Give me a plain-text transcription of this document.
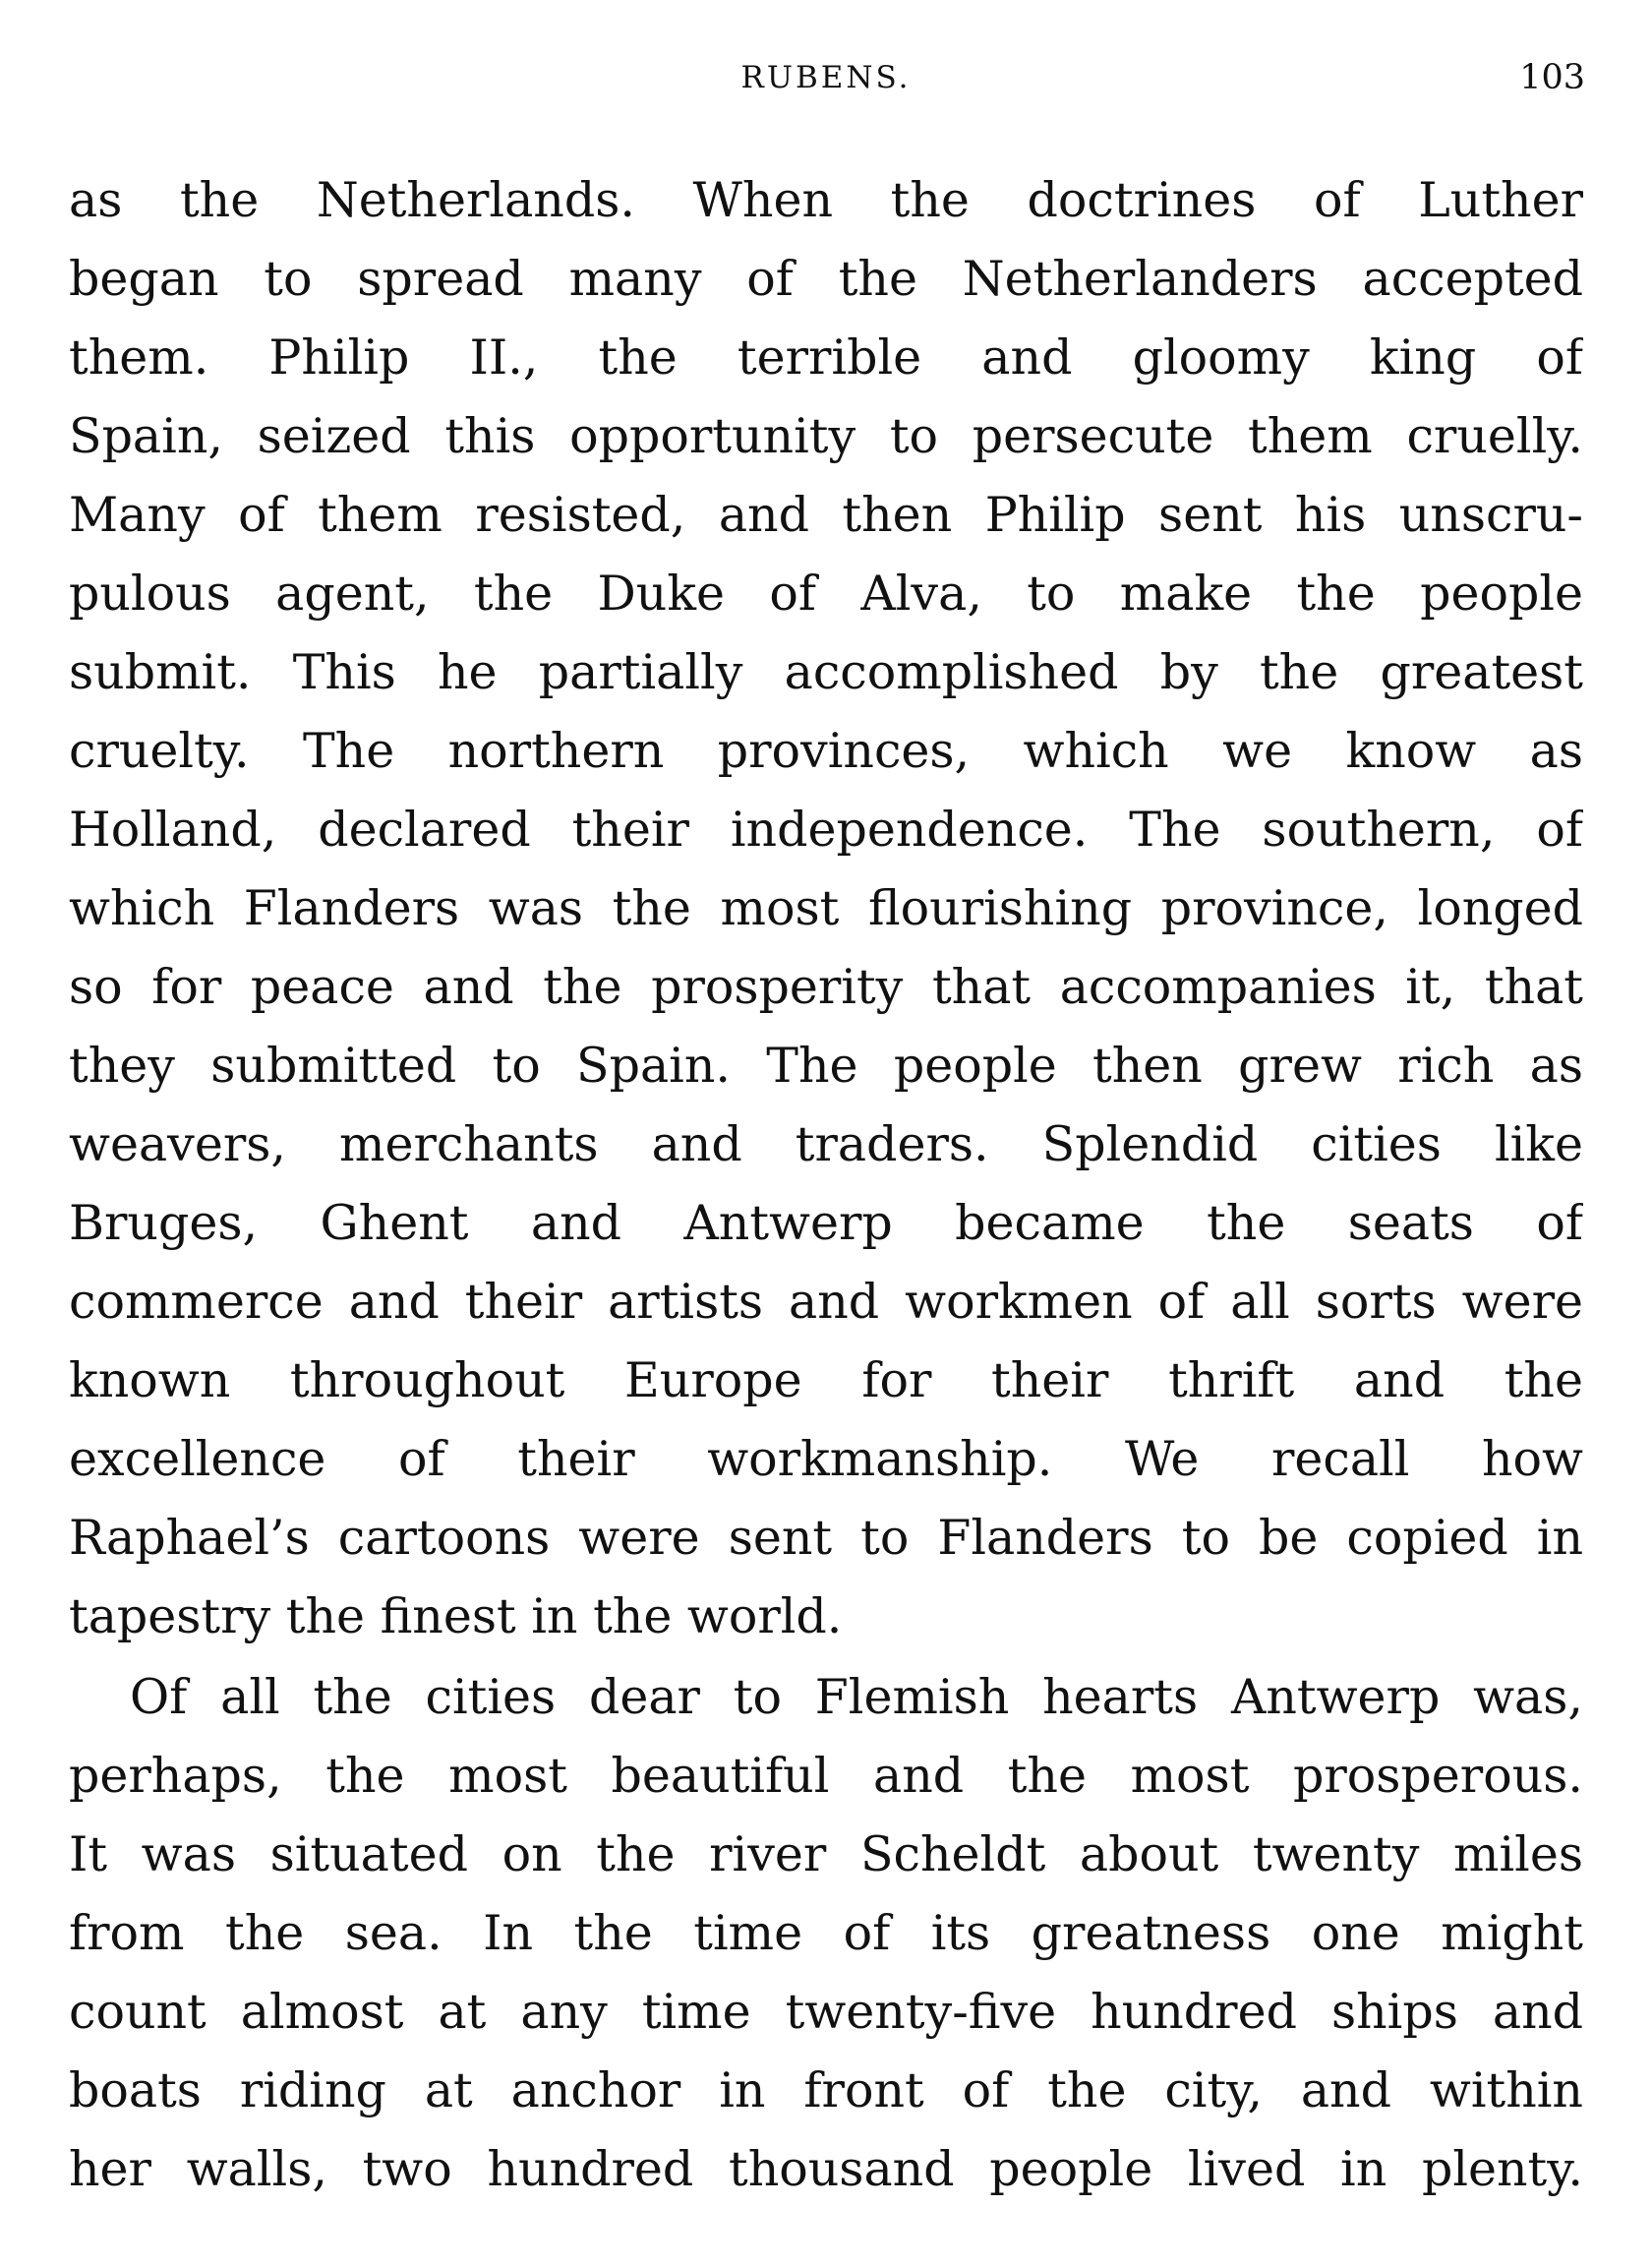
RUBENS.	103
as the Netherlands. When the doctrines of Luther
began to spread many of the Netherlanders accepted
them. Philip II., the terrible and gloomy king of
Spain, seized this opportunity to persecute them cruelly.
Many of them resisted, and then Philip sent his unscru-
pulous agent, the Duke of Alva, to make the people
submit. This he partially accomplished by the greatest
cruelty. The northern provinces, which we know as
Holland, declared their independence. The southern, of
which Flanders was the most flourishing province, longed
so for peace and the prosperity that accompanies it, that
they submitted to Spain. The people then grew rich as
weavers, merchants and traders. Splendid cities like
Bruges, Ghent and Antwerp became the seats of
commerce and their artists and workmen of all sorts were
known throughout Europe for their thrift and the
excellence of their workmanship. We recall how
Raphael’s cartoons were sent to Flanders to be copied in
tapestry the finest in the world.
Of all the cities dear to Flemish hearts Antwerp was,
perhaps, the most beautiful and the most prosperous.
It was situated on the river Scheldt about twenty miles
from the sea. In the time of its greatness one might
count almost at any time twenty-five hundred ships and
boats riding at anchor in front of the city, and within
her walls, two hundred thousand people lived in plenty.
